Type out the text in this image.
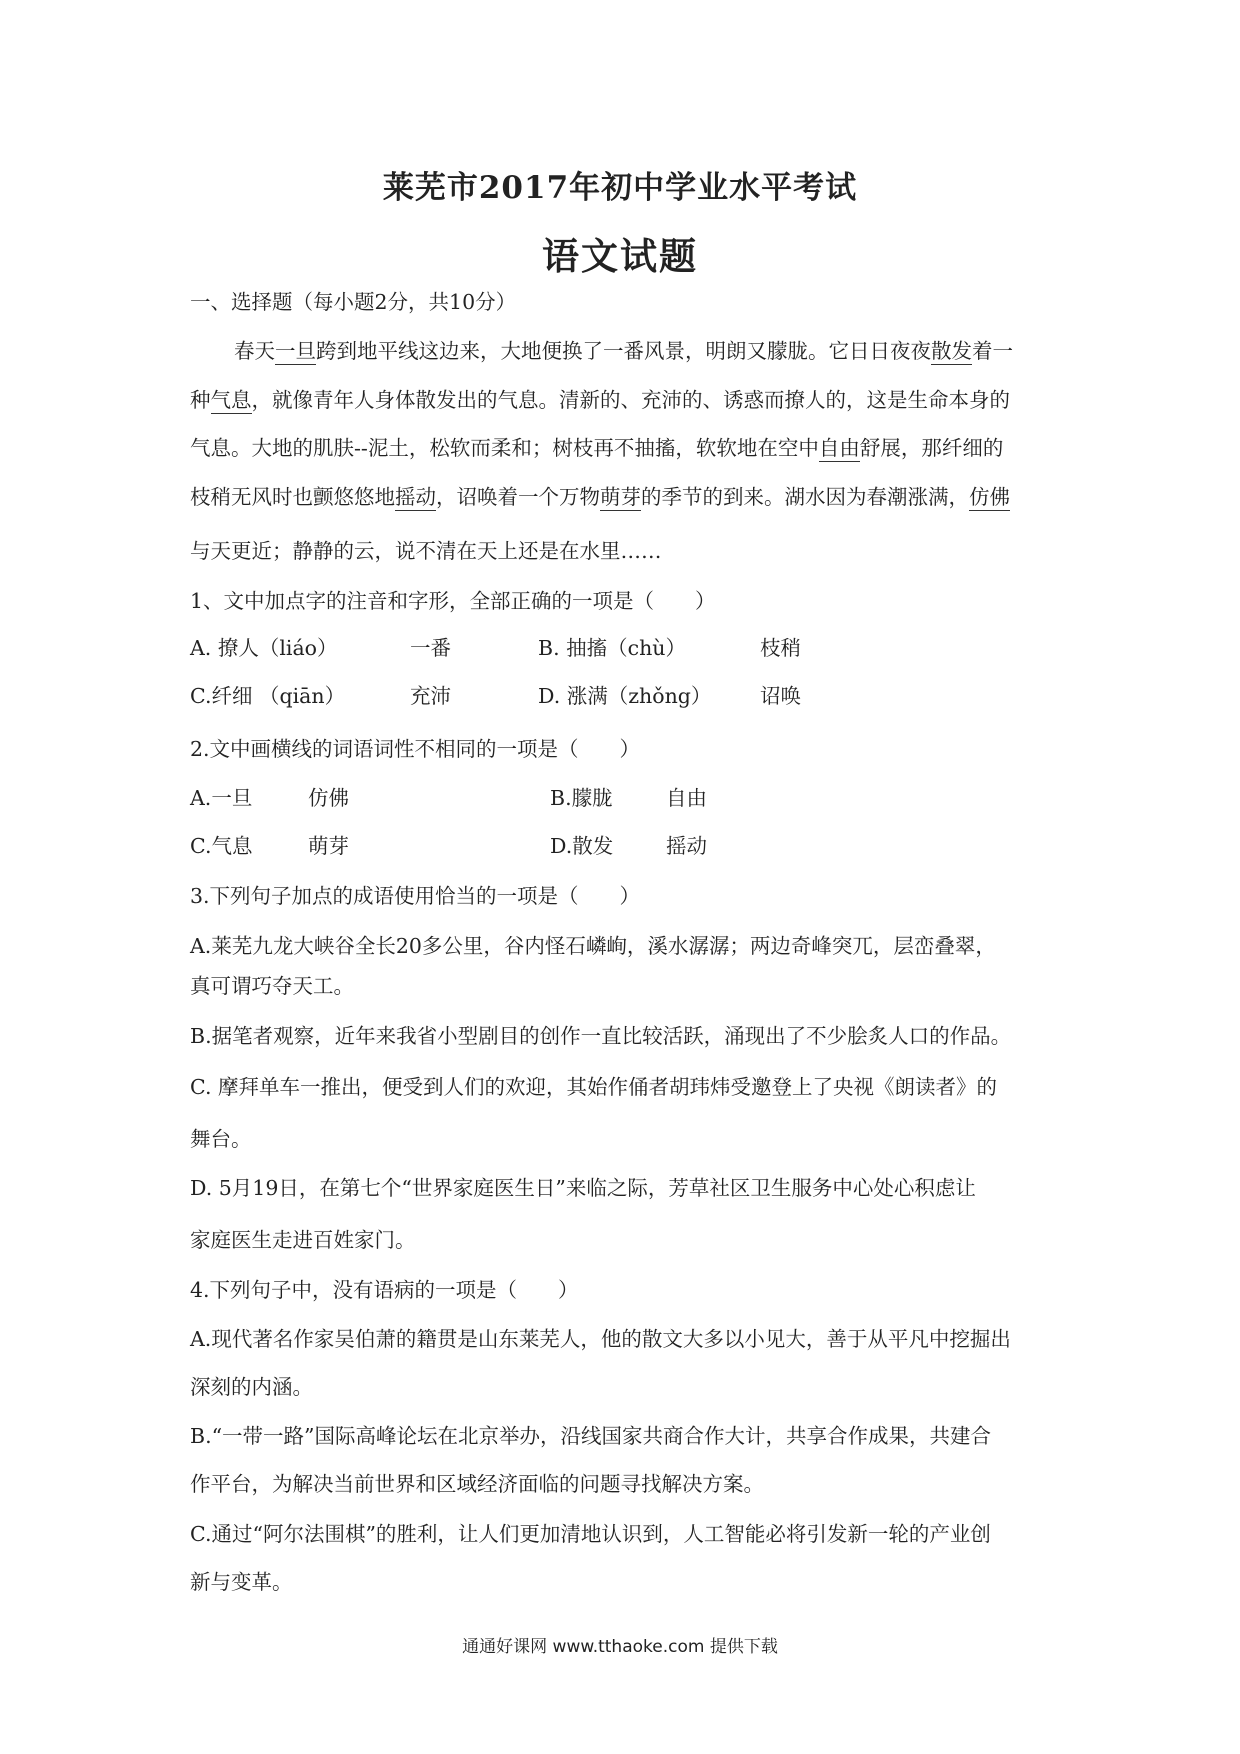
莱芜市2017年初中学业水平考试
语文试题
一、选择题（每小题2分，共10分）
春天一旦跨到地平线这边来，大地便换了一番风景，明朗又朦胧。它日日夜夜散发着一
种气息，就像青年人身体散发出的气息。清新的、充沛的、诱惑而撩人的，这是生命本身的
气息。大地的肌肤--泥土，松软而柔和；树枝再不抽搐，软软地在空中自由舒展，那纤细的
枝稍无风时也颤悠悠地摇动，诏唤着一个万物萌芽的季节的到来。湖水因为春潮涨满，仿佛
与天更近；静静的云，说不清在天上还是在水里……
1、文中加点字的注音和字形，全部正确的一项是（　　）
A. 撩人（liáo）	一番	B. 抽搐（chù）	枝稍
C.纤细 （qiān）	充沛	D. 涨满（zhǒng） 诏唤
2.文中画横线的词语词性不相同的一项是（　　）
A.一旦	仿佛	B.朦胧	自由
C.气息	萌芽	D.散发	摇动
3.下列句子加点的成语使用恰当的一项是（　　）
A.莱芜九龙大峡谷全长20多公里，谷内怪石嶙峋，溪水潺潺；两边奇峰突兀，层峦叠翠，
真可谓巧夺天工。
B.据笔者观察，近年来我省小型剧目的创作一直比较活跃，涌现出了不少脍炙人口的作品。
C. 摩拜单车一推出，便受到人们的欢迎，其始作俑者胡玮炜受邀登上了央视《朗读者》的
舞台。
D. 5月19日，在第七个“世界家庭医生日”来临之际，芳草社区卫生服务中心处心积虑让
家庭医生走进百姓家门。
4.下列句子中，没有语病的一项是（　　）
A.现代著名作家吴伯萧的籍贯是山东莱芜人，他的散文大多以小见大，善于从平凡中挖掘出
深刻的内涵。
B.“一带一路”国际高峰论坛在北京举办，沿线国家共商合作大计，共享合作成果，共建合
作平台，为解决当前世界和区域经济面临的问题寻找解决方案。
C.通过“阿尔法围棋”的胜利，让人们更加清地认识到，人工智能必将引发新一轮的产业创
新与变革。
通通好课网 www.tthaoke.com 提供下载
